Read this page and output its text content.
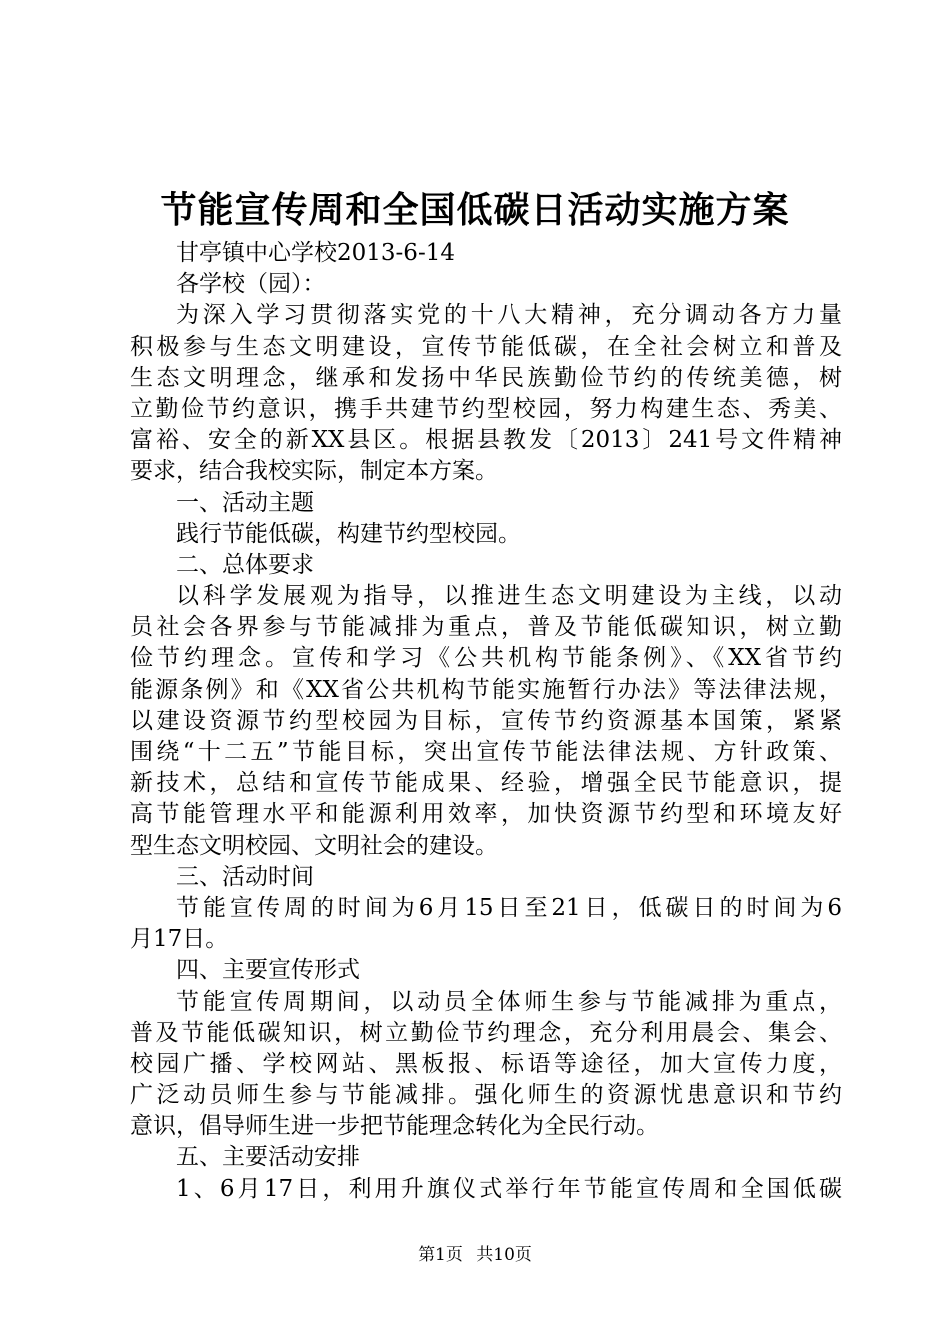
节能宣传周和全国低碳日活动实施方案
甘亭镇中心学校2013-6-14
各学校（园）：
为深入学习贯彻落实党的十八大精神，充分调动各方力量
积极参与生态文明建设，宣传节能低碳，在全社会树立和普及
生态文明理念，继承和发扬中华民族勤俭节约的传统美德，树
立勤俭节约意识，携手共建节约型校园，努力构建生态、秀美、
富裕、安全的新XX县区。根据县教发〔2013〕241号文件精神
要求，结合我校实际，制定本方案。
一、活动主题
践行节能低碳，构建节约型校园。
二、总体要求
以科学发展观为指导，以推进生态文明建设为主线，以动
员社会各界参与节能减排为重点，普及节能低碳知识，树立勤
俭节约理念。宣传和学习《公共机构节能条例》、《XX省节约
能源条例》和《XX省公共机构节能实施暂行办法》等法律法规，
以建设资源节约型校园为目标，宣传节约资源基本国策，紧紧
围绕“十二五”节能目标，突出宣传节能法律法规、方针政策、
新技术，总结和宣传节能成果、经验，增强全民节能意识，提
高节能管理水平和能源利用效率，加快资源节约型和环境友好
型生态文明校园、文明社会的建设。
三、活动时间
节能宣传周的时间为6月15日至21日，低碳日的时间为6
月17日。
四、主要宣传形式
节能宣传周期间，以动员全体师生参与节能减排为重点，
普及节能低碳知识，树立勤俭节约理念，充分利用晨会、集会、
校园广播、学校网站、黑板报、标语等途径，加大宣传力度，
广泛动员师生参与节能减排。强化师生的资源忧患意识和节约
意识，倡导师生进一步把节能理念转化为全民行动。
五、主要活动安排
1、6月17日，利用升旗仪式举行年节能宣传周和全国低碳
第1页 共10页
